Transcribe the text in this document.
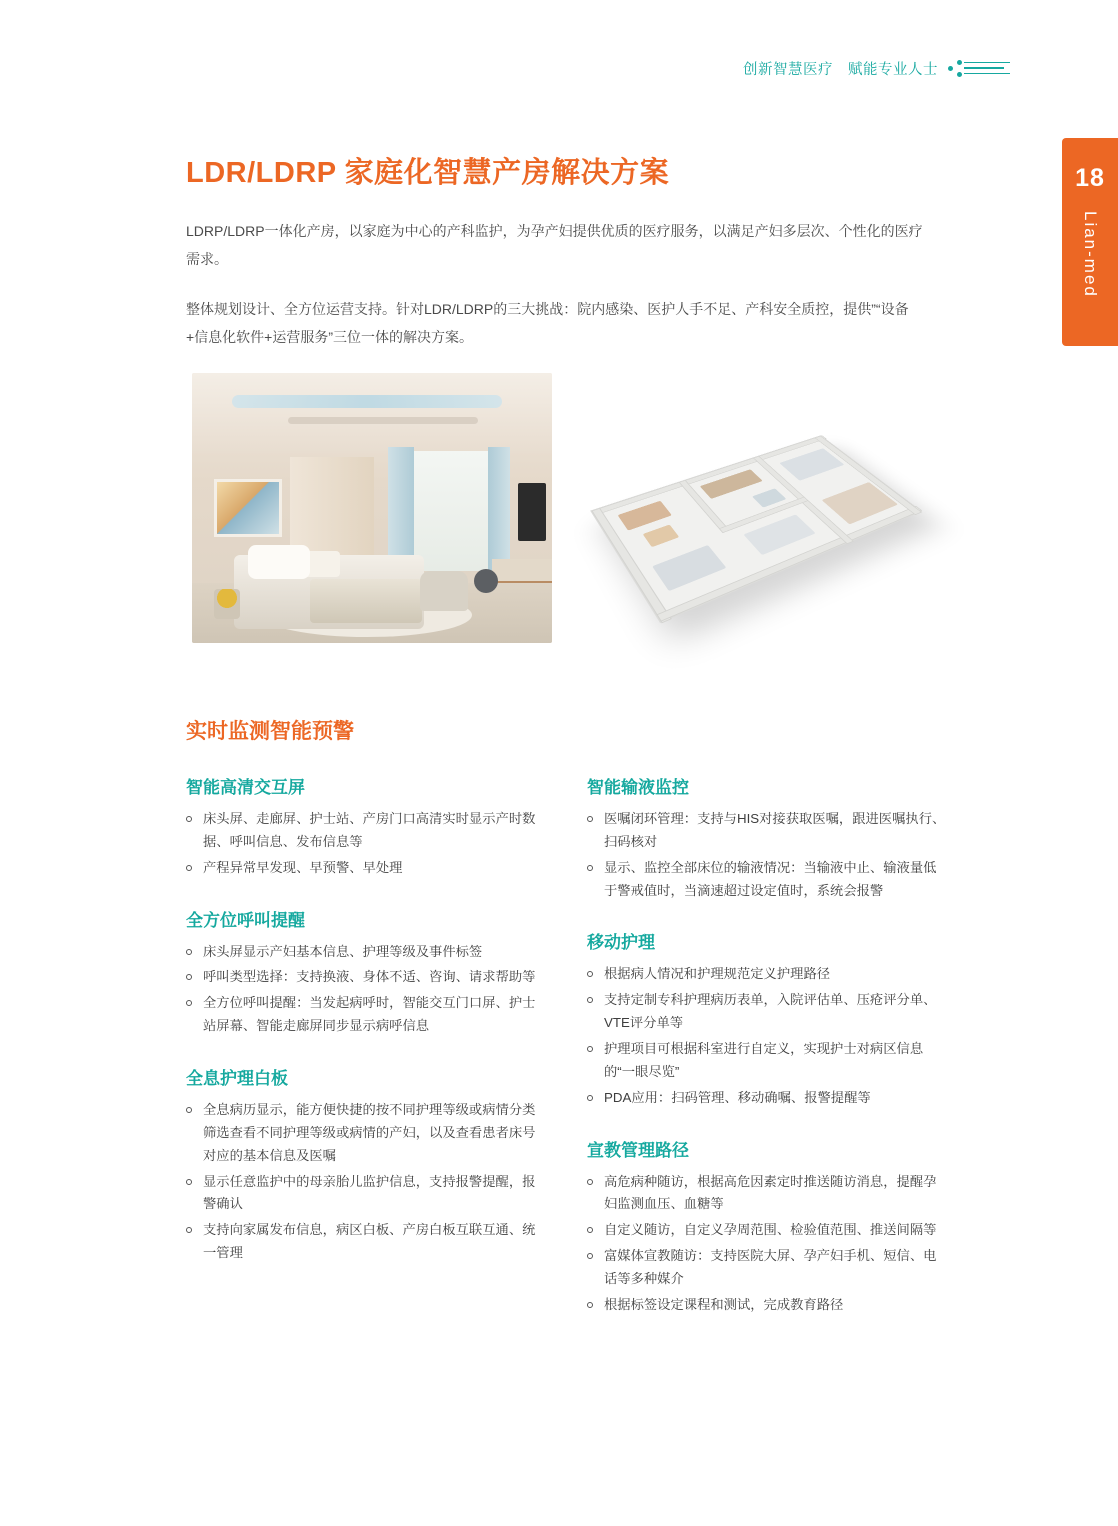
创新智慧医疗　赋能专业人士
18
Lian-med
LDR/LDRP 家庭化智慧产房解决方案

LDRP/LDRP一体化产房，以家庭为中心的产科监护，为孕产妇提供优质的医疗服务，以满足产妇多层次、个性化的医疗需求。

整体规划设计、全方位运营支持。针对LDR/LDRP的三大挑战：院内感染、医护人手不足、产科安全质控，提供”“设备+信息化软件+运营服务”三位一体的解决方案。

实时监测智能预警
智能高清交互屏
床头屏、走廊屏、护士站、产房门口高清实时显示产时数据、呼叫信息、发布信息等
产程异常早发现、早预警、早处理
全方位呼叫提醒
床头屏显示产妇基本信息、护理等级及事件标签
呼叫类型选择：支持换液、身体不适、咨询、请求帮助等
全方位呼叫提醒：当发起病呼时，智能交互门口屏、护士站屏幕、智能走廊屏同步显示病呼信息
全息护理白板
全息病历显示，能方便快捷的按不同护理等级或病情分类筛选查看不同护理等级或病情的产妇，以及查看患者床号对应的基本信息及医嘱
显示任意监护中的母亲胎儿监护信息，支持报警提醒，报警确认
支持向家属发布信息，病区白板、产房白板互联互通、统一管理
智能输液监控
医嘱闭环管理：支持与HIS对接获取医嘱，跟进医嘱执行、扫码核对
显示、监控全部床位的输液情况：当输液中止、输液量低于警戒值时，当滴速超过设定值时，系统会报警
移动护理
根据病人情况和护理规范定义护理路径
支持定制专科护理病历表单，入院评估单、压疮评分单、VTE评分单等
护理项目可根据科室进行自定义，实现护士对病区信息的“一眼尽览”
PDA应用：扫码管理、移动确嘱、报警提醒等
宣教管理路径
高危病种随访，根据高危因素定时推送随访消息，提醒孕妇监测血压、血糖等
自定义随访，自定义孕周范围、检验值范围、推送间隔等
富媒体宣教随访：支持医院大屏、孕产妇手机、短信、电话等多种媒介
根据标签设定课程和测试，完成教育路径
